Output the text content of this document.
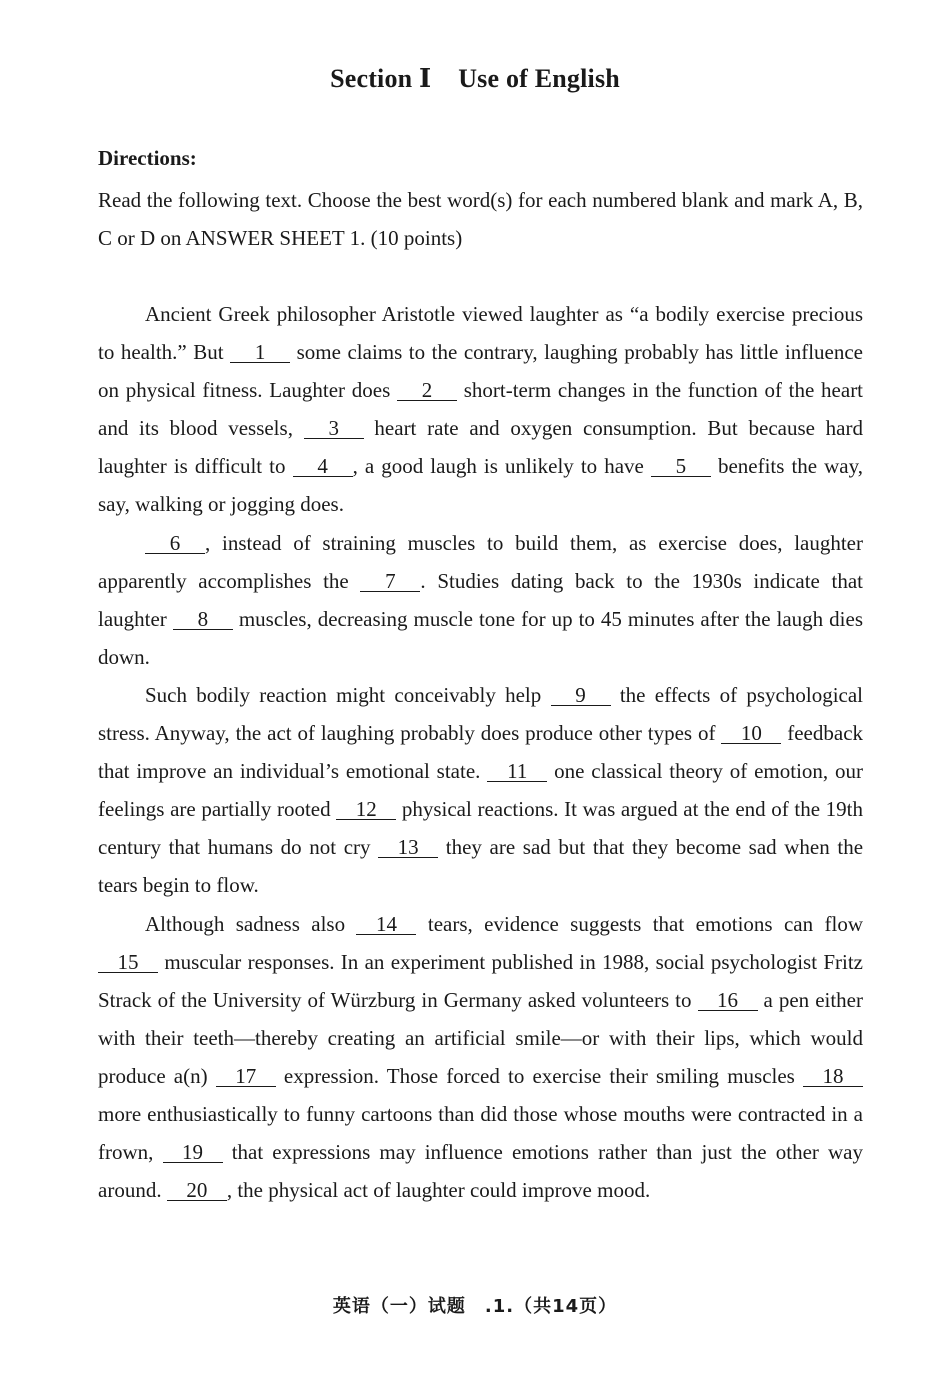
Section Ⅰ    Use of English
Directions:
Read the following text. Choose the best word(s) for each numbered blank and mark A, B, C or D on ANSWER SHEET 1. (10 points)

Ancient Greek philosopher Aristotle viewed laughter as “a bodily exercise precious to health.” But 1 some claims to the contrary, laughing probably has little influence on physical fitness. Laughter does 2 short-term changes in the function of the heart and its blood vessels, 3 heart rate and oxygen consumption. But because hard laughter is difficult to 4 , a good laugh is unlikely to have 5 benefits the way, say, walking or jogging does.

6 , instead of straining muscles to build them, as exercise does, laughter apparently accomplishes the 7 . Studies dating back to the 1930s indicate that laughter 8 muscles, decreasing muscle tone for up to 45 minutes after the laugh dies down.

Such bodily reaction might conceivably help 9 the effects of psychological stress. Anyway, the act of laughing probably does produce other types of 10 feedback that improve an individual’s emotional state. 11 one classical theory of emotion, our feelings are partially rooted 12 physical reactions. It was argued at the end of the 19th century that humans do not cry 13 they are sad but that they become sad when the tears begin to flow.

Although sadness also 14 tears, evidence suggests that emotions can flow 15 muscular responses. In an experiment published in 1988, social psychologist Fritz Strack of the University of Würzburg in Germany asked volunteers to 16 a pen either with their teeth—thereby creating an artificial smile—or with their lips, which would produce a(n) 17 expression. Those forced to exercise their smiling muscles 18 more enthusiastically to funny cartoons than did those whose mouths were contracted in a frown, 19 that expressions may influence emotions rather than just the other way around. 20 , the physical act of laughter could improve mood.

英语（一）试题　.1.（共14页）
